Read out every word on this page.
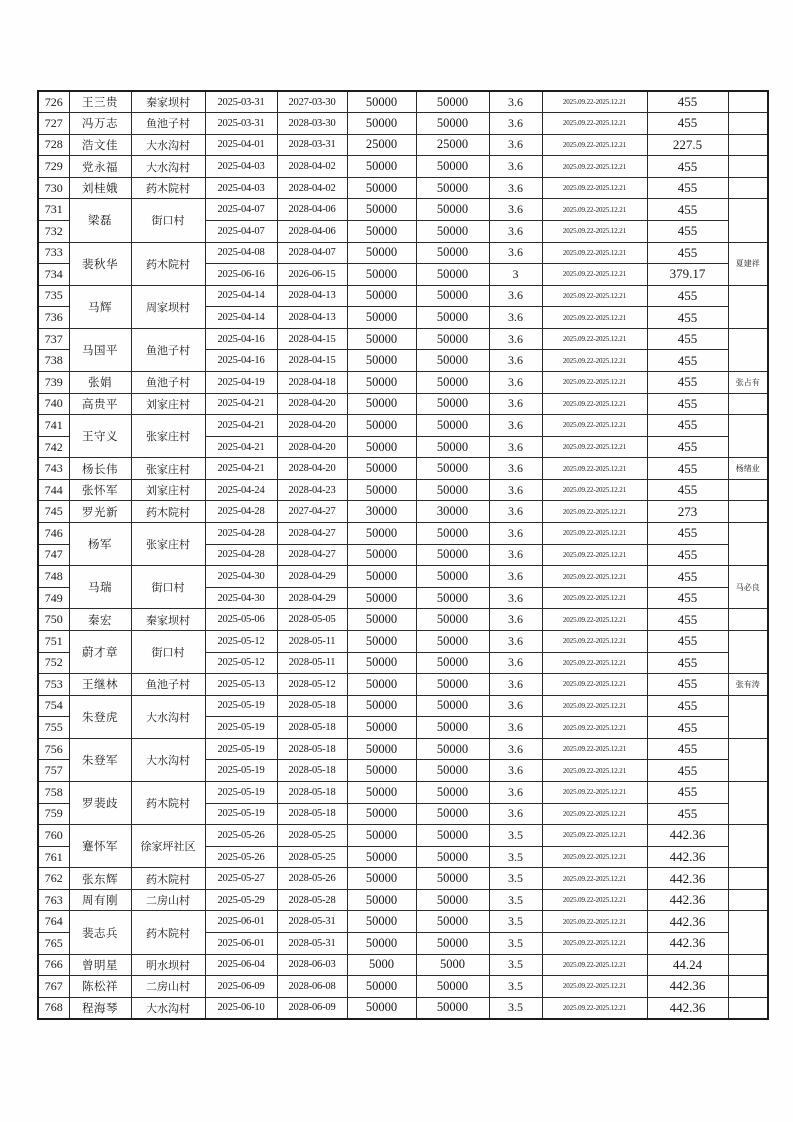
726	王三贵	秦家坝村	2025-03-31	2027-03-30	50000	50000	3.6	2025.09.22-2025.12.21	455	
727	冯万志	鱼池子村	2025-03-31	2028-03-30	50000	50000	3.6	2025.09.22-2025.12.21	455	
728	浩文佳	大水沟村	2025-04-01	2028-03-31	25000	25000	3.6	2025.09.22-2025.12.21	227.5	
729	党永福	大水沟村	2025-04-03	2028-04-02	50000	50000	3.6	2025.09.22-2025.12.21	455	
730	刘桂娥	药木院村	2025-04-03	2028-04-02	50000	50000	3.6	2025.09.22-2025.12.21	455	
731	梁磊	街口村	2025-04-07	2028-04-06	50000	50000	3.6	2025.09.22-2025.12.21	455	
732			2025-04-07	2028-04-06	50000	50000	3.6	2025.09.22-2025.12.21	455	
733	裴秋华	药木院村	2025-04-08	2028-04-07	50000	50000	3.6	2025.09.22-2025.12.21	455	夏建祥
734			2025-06-16	2026-06-15	50000	50000	3	2025.09.22-2025.12.21	379.17	
735	马辉	周家坝村	2025-04-14	2028-04-13	50000	50000	3.6	2025.09.22-2025.12.21	455	
736			2025-04-14	2028-04-13	50000	50000	3.6	2025.09.22-2025.12.21	455	
737	马国平	鱼池子村	2025-04-16	2028-04-15	50000	50000	3.6	2025.09.22-2025.12.21	455	
738			2025-04-16	2028-04-15	50000	50000	3.6	2025.09.22-2025.12.21	455	
739	张娟	鱼池子村	2025-04-19	2028-04-18	50000	50000	3.6	2025.09.22-2025.12.21	455	张占有
740	高贵平	刘家庄村	2025-04-21	2028-04-20	50000	50000	3.6	2025.09.22-2025.12.21	455	
741	王守义	张家庄村	2025-04-21	2028-04-20	50000	50000	3.6	2025.09.22-2025.12.21	455	
742			2025-04-21	2028-04-20	50000	50000	3.6	2025.09.22-2025.12.21	455	
743	杨长伟	张家庄村	2025-04-21	2028-04-20	50000	50000	3.6	2025.09.22-2025.12.21	455	杨绪业
744	张怀军	刘家庄村	2025-04-24	2028-04-23	50000	50000	3.6	2025.09.22-2025.12.21	455	
745	罗光新	药木院村	2025-04-28	2027-04-27	30000	30000	3.6	2025.09.22-2025.12.21	273	
746	杨军	张家庄村	2025-04-28	2028-04-27	50000	50000	3.6	2025.09.22-2025.12.21	455	
747			2025-04-28	2028-04-27	50000	50000	3.6	2025.09.22-2025.12.21	455	
748	马瑞	街口村	2025-04-30	2028-04-29	50000	50000	3.6	2025.09.22-2025.12.21	455	马必良
749			2025-04-30	2028-04-29	50000	50000	3.6	2025.09.22-2025.12.21	455	
750	秦宏	秦家坝村	2025-05-06	2028-05-05	50000	50000	3.6	2025.09.22-2025.12.21	455	
751	蔚才章	街口村	2025-05-12	2028-05-11	50000	50000	3.6	2025.09.22-2025.12.21	455	
752			2025-05-12	2028-05-11	50000	50000	3.6	2025.09.22-2025.12.21	455	
753	王继林	鱼池子村	2025-05-13	2028-05-12	50000	50000	3.6	2025.09.22-2025.12.21	455	张有涛
754	朱登虎	大水沟村	2025-05-19	2028-05-18	50000	50000	3.6	2025.09.22-2025.12.21	455	
755			2025-05-19	2028-05-18	50000	50000	3.6	2025.09.22-2025.12.21	455	
756	朱登军	大水沟村	2025-05-19	2028-05-18	50000	50000	3.6	2025.09.22-2025.12.21	455	
757			2025-05-19	2028-05-18	50000	50000	3.6	2025.09.22-2025.12.21	455	
758	罗裴歧	药木院村	2025-05-19	2028-05-18	50000	50000	3.6	2025.09.22-2025.12.21	455	
759			2025-05-19	2028-05-18	50000	50000	3.6	2025.09.22-2025.12.21	455	
760	蹇怀军	徐家坪社区	2025-05-26	2028-05-25	50000	50000	3.5	2025.09.22-2025.12.21	442.36	
761			2025-05-26	2028-05-25	50000	50000	3.5	2025.09.22-2025.12.21	442.36	
762	张东辉	药木院村	2025-05-27	2028-05-26	50000	50000	3.5	2025.09.22-2025.12.21	442.36	
763	周有刚	二房山村	2025-05-29	2028-05-28	50000	50000	3.5	2025.09.22-2025.12.21	442.36	
764	裴志兵	药木院村	2025-06-01	2028-05-31	50000	50000	3.5	2025.09.22-2025.12.21	442.36	
765			2025-06-01	2028-05-31	50000	50000	3.5	2025.09.22-2025.12.21	442.36	
766	曾明星	明水坝村	2025-06-04	2028-06-03	5000	5000	3.5	2025.09.22-2025.12.21	44.24	
767	陈松祥	二房山村	2025-06-09	2028-06-08	50000	50000	3.5	2025.09.22-2025.12.21	442.36	
768	程海琴	大水沟村	2025-06-10	2028-06-09	50000	50000	3.5	2025.09.22-2025.12.21	442.36	
